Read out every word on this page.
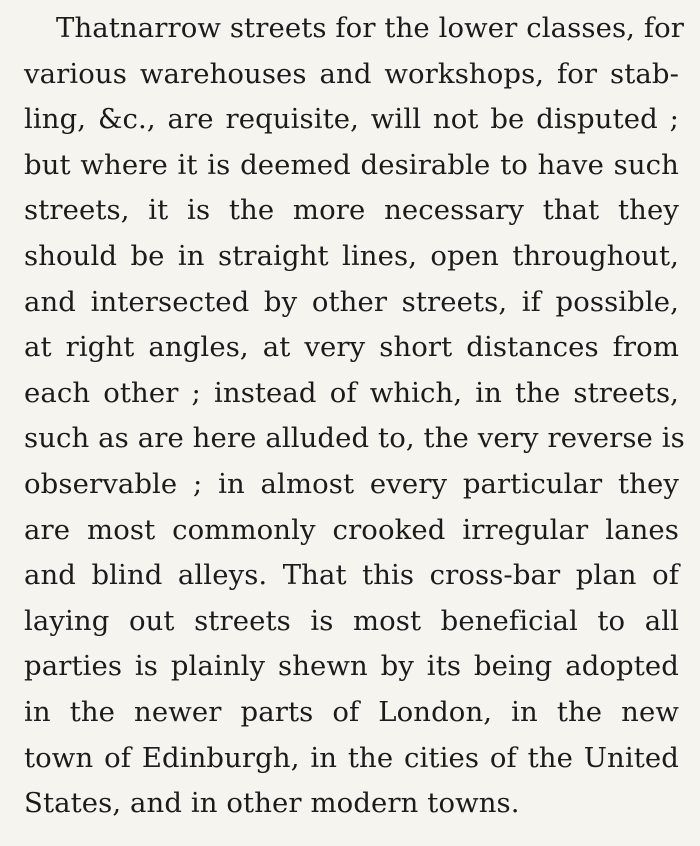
Thatnarrow streets for the lower classes, for
various warehouses and workshops, for stab-
ling, &c., are requisite, will not be disputed ;
but where it is deemed desirable to have such
streets, it is the more necessary that they
should be in straight lines, open throughout,
and intersected by other streets, if possible,
at right angles, at very short distances from
each other ; instead of which, in the streets,
such as are here alluded to, the very reverse is
observable ; in almost every particular they
are most commonly crooked irregular lanes
and blind alleys. That this cross-bar plan of
laying out streets is most beneficial to all
parties is plainly shewn by its being adopted
in the newer parts of London, in the new
town of Edinburgh, in the cities of the United
States, and in other modern towns.
